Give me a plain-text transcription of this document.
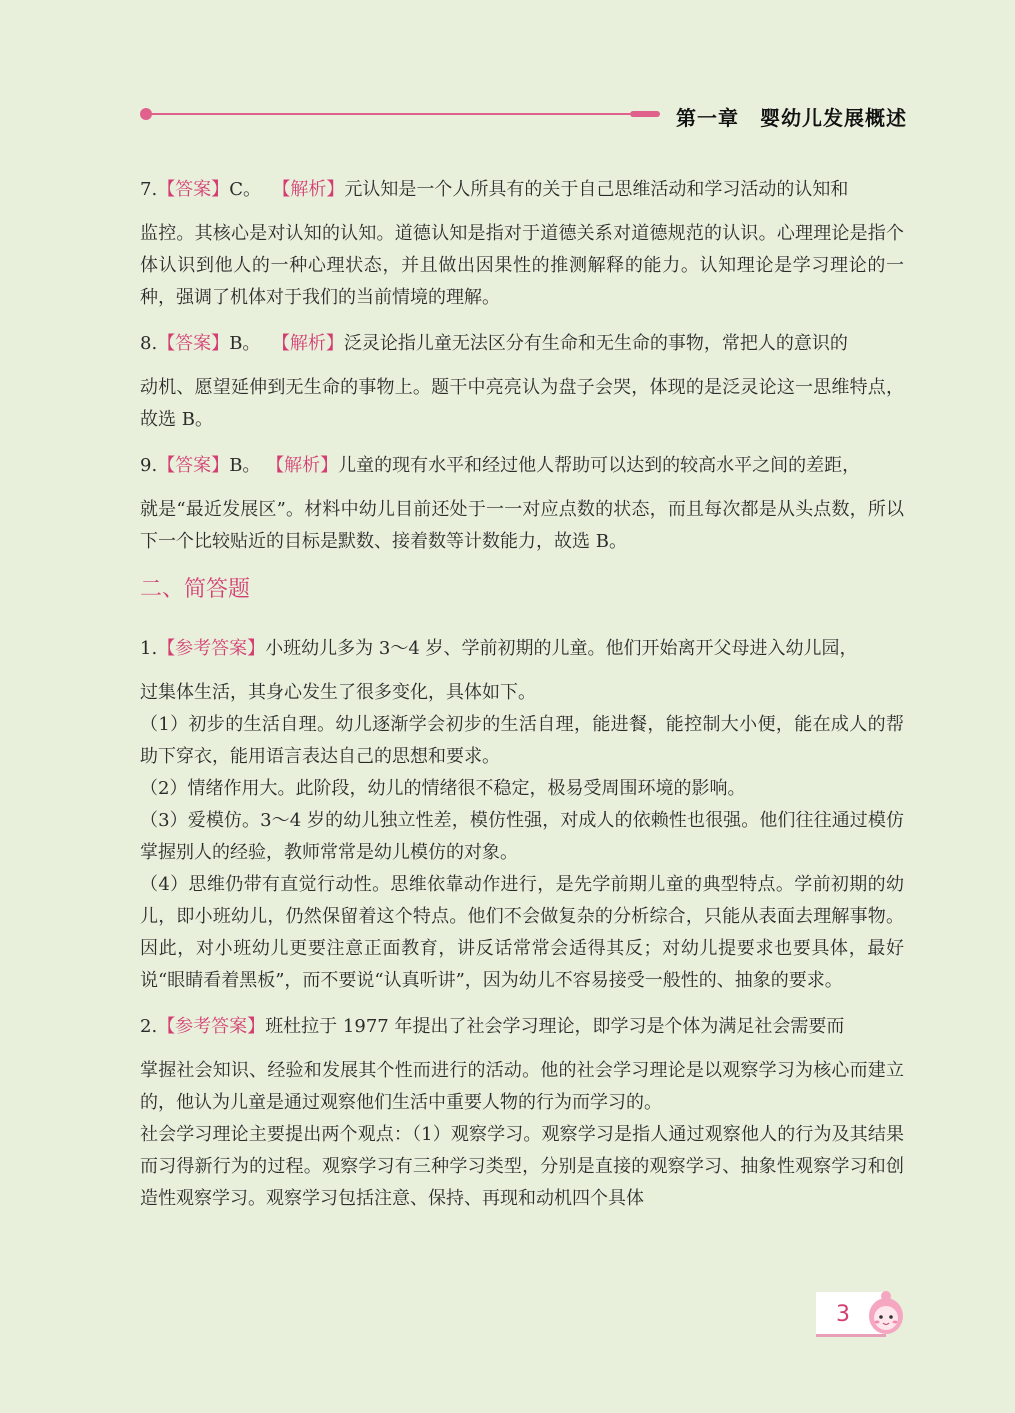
第一章　婴幼儿发展概述

7.【答案】C。 【解析】元认知是一个人所具有的关于自己思维活动和学习活动的认知和

监控。其核心是对认知的认知。道德认知是指对于道德关系对道德规范的认识。心理理论是指个体认识到他人的一种心理状态，并且做出因果性的推测解释的能力。认知理论是学习理论的一种，强调了机体对于我们的当前情境的理解。

8.【答案】B。 【解析】泛灵论指儿童无法区分有生命和无生命的事物，常把人的意识的

动机、愿望延伸到无生命的事物上。题干中亮亮认为盘子会哭，体现的是泛灵论这一思维特点，故选 B。

9.【答案】B。 【解析】儿童的现有水平和经过他人帮助可以达到的较高水平之间的差距，

就是“最近发展区”。材料中幼儿目前还处于一一对应点数的状态，而且每次都是从头点数，所以下一个比较贴近的目标是默数、接着数等计数能力，故选 B。

二、简答题

1.【参考答案】小班幼儿多为 3～4 岁、学前初期的儿童。他们开始离开父母进入幼儿园，

过集体生活，其身心发生了很多变化，具体如下。

（1）初步的生活自理。幼儿逐渐学会初步的生活自理，能进餐，能控制大小便，能在成人的帮助下穿衣，能用语言表达自己的思想和要求。

（2）情绪作用大。此阶段，幼儿的情绪很不稳定，极易受周围环境的影响。

（3）爱模仿。3～4 岁的幼儿独立性差，模仿性强，对成人的依赖性也很强。他们往往通过模仿掌握别人的经验，教师常常是幼儿模仿的对象。

（4）思维仍带有直觉行动性。思维依靠动作进行，是先学前期儿童的典型特点。学前初期的幼儿，即小班幼儿，仍然保留着这个特点。他们不会做复杂的分析综合，只能从表面去理解事物。因此，对小班幼儿更要注意正面教育，讲反话常常会适得其反；对幼儿提要求也要具体，最好说“眼睛看着黑板”，而不要说“认真听讲”，因为幼儿不容易接受一般性的、抽象的要求。

2.【参考答案】班杜拉于 1977 年提出了社会学习理论，即学习是个体为满足社会需要而

掌握社会知识、经验和发展其个性而进行的活动。他的社会学习理论是以观察学习为核心而建立的，他认为儿童是通过观察他们生活中重要人物的行为而学习的。

社会学习理论主要提出两个观点：（1）观察学习。观察学习是指人通过观察他人的行为及其结果而习得新行为的过程。观察学习有三种学习类型，分别是直接的观察学习、抽象性观察学习和创造性观察学习。观察学习包括注意、保持、再现和动机四个具体

3
